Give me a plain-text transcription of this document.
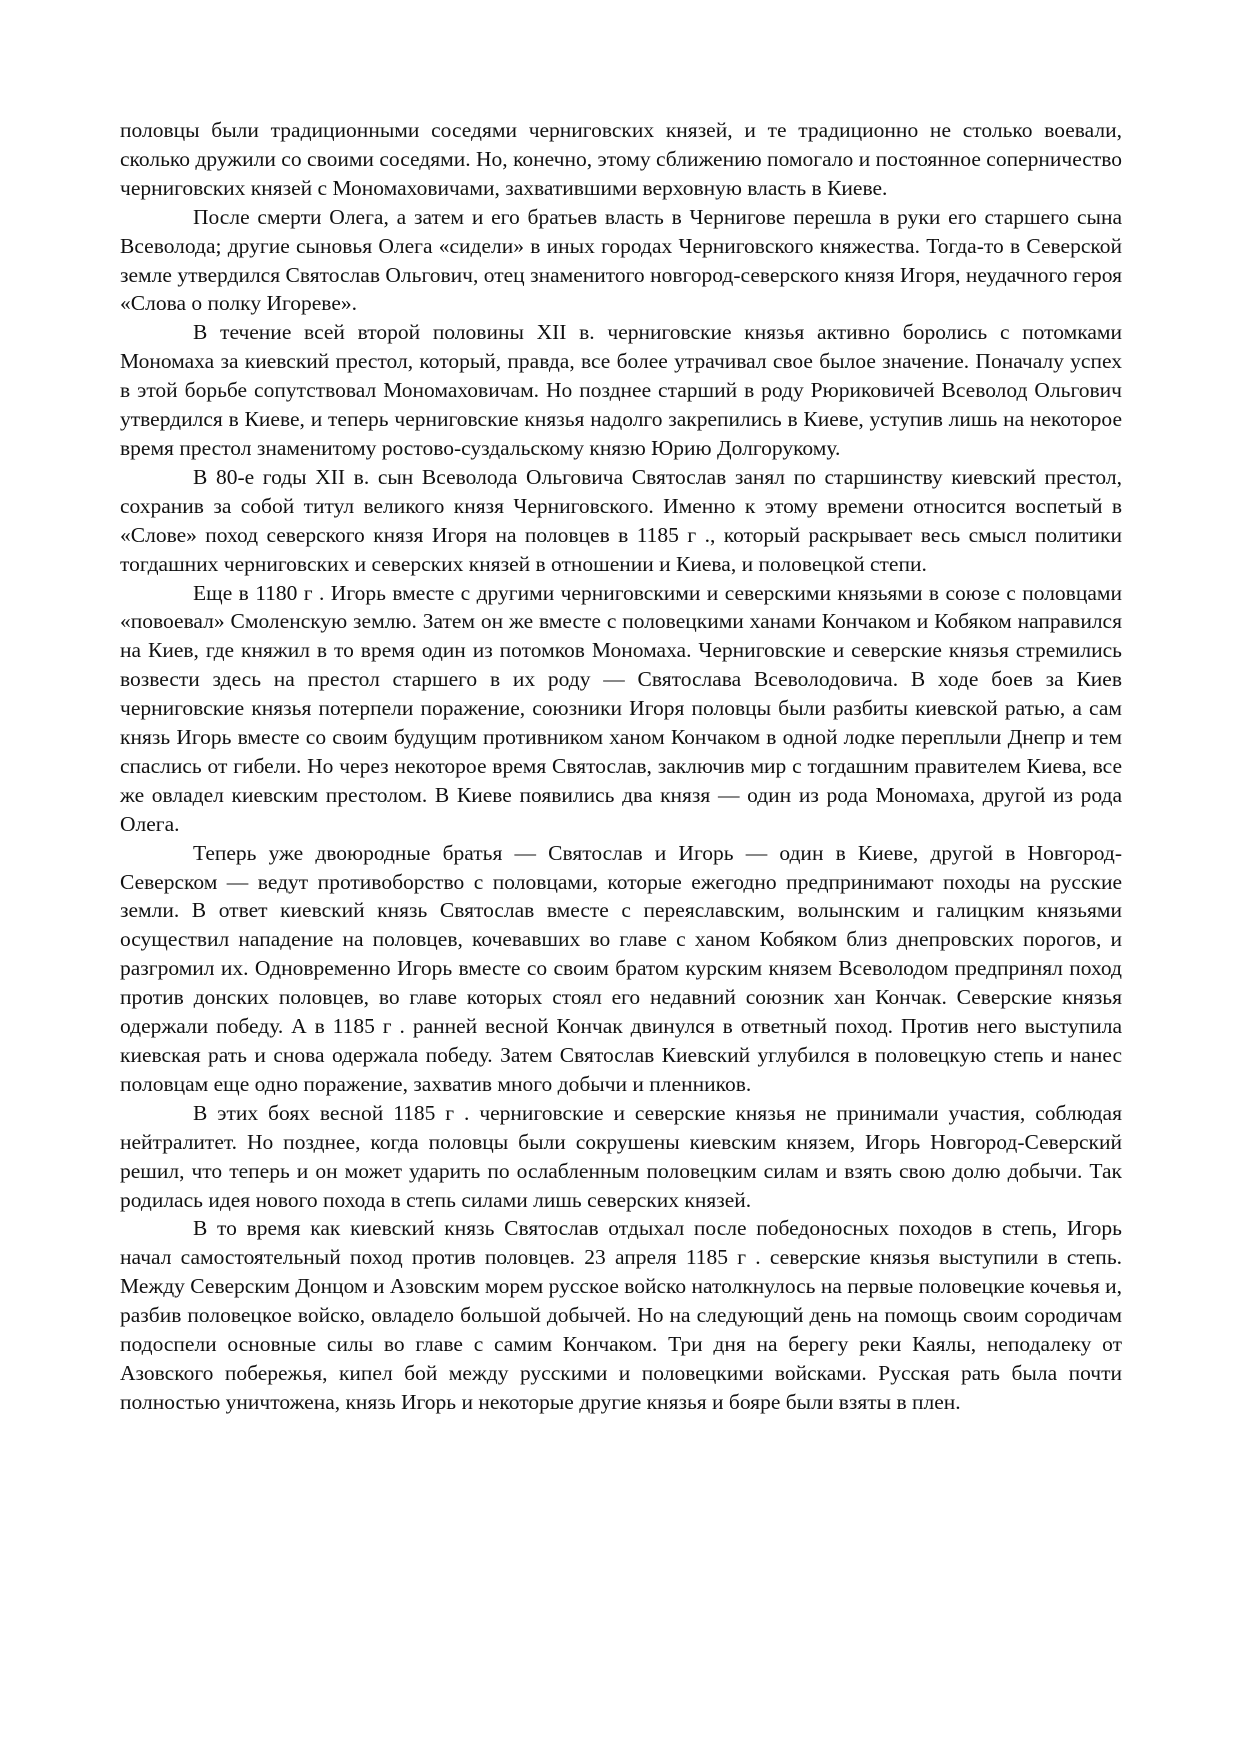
половцы были традиционными соседями черниговских князей, и те традиционно не столько воевали, сколько дружили со своими соседями. Но, конечно, этому сближению помогало и постоянное соперничество черниговских князей с Мономаховичами, захватившими верховную власть в Киеве.

После смерти Олега, а затем и его братьев власть в Чернигове перешла в руки его старшего сына Всеволода; другие сыновья Олега «сидели» в иных городах Черниговского княжества. Тогда-то в Северской земле утвердился Святослав Ольгович, отец знаменитого новгород-северского князя Игоря, неудачного героя «Слова о полку Игореве».

В течение всей второй половины XII в. черниговские князья активно боролись с потомками Мономаха за киевский престол, который, правда, все более утрачивал свое былое значение. Поначалу успех в этой борьбе сопутствовал Мономаховичам. Но позднее старший в роду Рюриковичей Всеволод Ольгович утвердился в Киеве, и теперь черниговские князья надолго закрепились в Киеве, уступив лишь на некоторое время престол знаменитому ростово-суздальскому князю Юрию Долгорукому.

В 80-е годы XII в. сын Всеволода Ольговича Святослав занял по старшинству киевский престол, сохранив за собой титул великого князя Черниговского. Именно к этому времени относится воспетый в «Слове» поход северского князя Игоря на половцев в 1185 г ., который раскрывает весь смысл политики тогдашних черниговских и северских князей в отношении и Киева, и половецкой степи.

Еще в 1180 г . Игорь вместе с другими черниговскими и северскими князьями в союзе с половцами «повоевал» Смоленскую землю. Затем он же вместе с половецкими ханами Кончаком и Кобяком направился на Киев, где княжил в то время один из потомков Мономаха. Черниговские и северские князья стремились возвести здесь на престол старшего в их роду — Святослава Всеволодовича. В ходе боев за Киев черниговские князья потерпели поражение, союзники Игоря половцы были разбиты киевской ратью, а сам князь Игорь вместе со своим будущим противником ханом Кончаком в одной лодке переплыли Днепр и тем спаслись от гибели. Но через некоторое время Святослав, заключив мир с тогдашним правителем Киева, все же овладел киевским престолом. В Киеве появились два князя — один из рода Мономаха, другой из рода Олега.

Теперь уже двоюродные братья — Святослав и Игорь — один в Киеве, другой в Новгород-Северском — ведут противоборство с половцами, которые ежегодно предпринимают походы на русские земли. В ответ киевский князь Святослав вместе с переяславским, волынским и галицким князьями осуществил нападение на половцев, кочевавших во главе с ханом Кобяком близ днепровских порогов, и разгромил их. Одновременно Игорь вместе со своим братом курским князем Всеволодом предпринял поход против донских половцев, во главе которых стоял его недавний союзник хан Кончак. Северские князья одержали победу. А в 1185 г . ранней весной Кончак двинулся в ответный поход. Против него выступила киевская рать и снова одержала победу. Затем Святослав Киевский углубился в половецкую степь и нанес половцам еще одно поражение, захватив много добычи и пленников.

В этих боях весной 1185 г . черниговские и северские князья не принимали участия, соблюдая нейтралитет. Но позднее, когда половцы были сокрушены киевским князем, Игорь Новгород-Северский решил, что теперь и он может ударить по ослабленным половецким силам и взять свою долю добычи. Так родилась идея нового похода в степь силами лишь северских князей.

В то время как киевский князь Святослав отдыхал после победоносных походов в степь, Игорь начал самостоятельный поход против половцев. 23 апреля 1185 г . северские князья выступили в степь. Между Северским Донцом и Азовским морем русское войско натолкнулось на первые половецкие кочевья и, разбив половецкое войско, овладело большой добычей. Но на следующий день на помощь своим сородичам подоспели основные силы во главе с самим Кончаком. Три дня на берегу реки Каялы, неподалеку от Азовского побережья, кипел бой между русскими и половецкими войсками. Русская рать была почти полностью уничтожена, князь Игорь и некоторые другие князья и бояре были взяты в плен.
